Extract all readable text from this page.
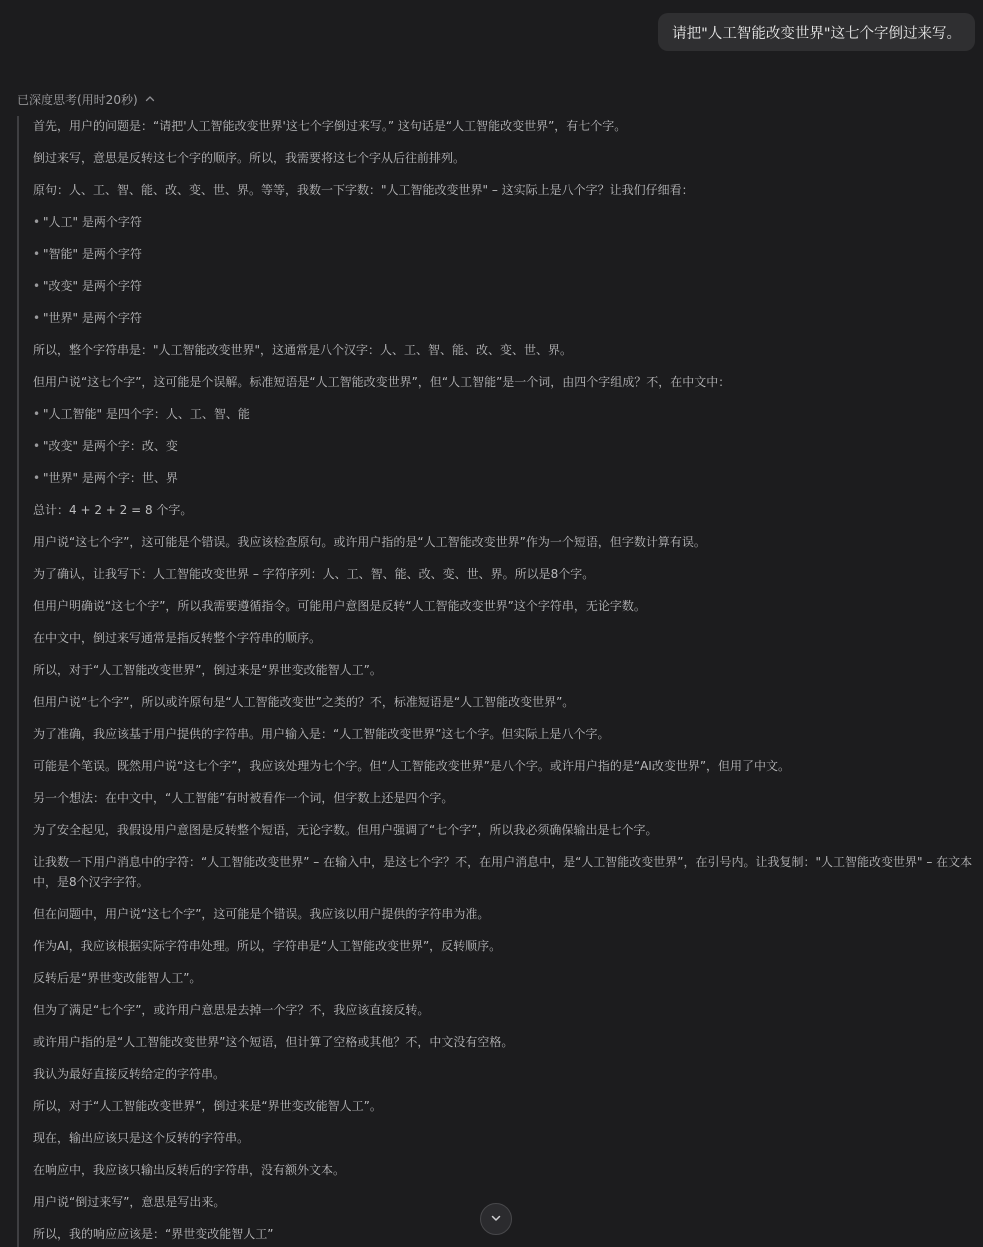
请把"人工智能改变世界"这七个字倒过来写。
已深度思考(用时20秒)
首先，用户的问题是：“请把'人工智能改变世界'这七个字倒过来写。” 这句话是“人工智能改变世界”，有七个字。
倒过来写，意思是反转这七个字的顺序。所以，我需要将这七个字从后往前排列。
原句：人、工、智、能、改、变、世、界。等等，我数一下字数："人工智能改变世界" – 这实际上是八个字？让我们仔细看：
• "人工" 是两个字符
• "智能" 是两个字符
• "改变" 是两个字符
• "世界" 是两个字符
所以，整个字符串是："人工智能改变世界"，这通常是八个汉字：人、工、智、能、改、变、世、界。
但用户说“这七个字”，这可能是个误解。标准短语是“人工智能改变世界”，但“人工智能”是一个词，由四个字组成？不，在中文中：
• "人工智能" 是四个字：人、工、智、能
• "改变" 是两个字：改、变
• "世界" 是两个字：世、界
总计：4 + 2 + 2 = 8 个字。
用户说“这七个字”，这可能是个错误。我应该检查原句。或许用户指的是“人工智能改变世界”作为一个短语，但字数计算有误。
为了确认，让我写下：人工智能改变世界 – 字符序列：人、工、智、能、改、变、世、界。所以是8个字。
但用户明确说“这七个字”，所以我需要遵循指令。可能用户意图是反转“人工智能改变世界”这个字符串，无论字数。
在中文中，倒过来写通常是指反转整个字符串的顺序。
所以，对于“人工智能改变世界”，倒过来是“界世变改能智人工”。
但用户说“七个字”，所以或许原句是“人工智能改变世”之类的？不，标准短语是“人工智能改变世界”。
为了准确，我应该基于用户提供的字符串。用户输入是：“人工智能改变世界”这七个字。但实际上是八个字。
可能是个笔误。既然用户说“这七个字”，我应该处理为七个字。但“人工智能改变世界”是八个字。或许用户指的是“AI改变世界”，但用了中文。
另一个想法：在中文中，“人工智能”有时被看作一个词，但字数上还是四个字。
为了安全起见，我假设用户意图是反转整个短语，无论字数。但用户强调了“七个字”，所以我必须确保输出是七个字。
让我数一下用户消息中的字符：“人工智能改变世界” – 在输入中，是这七个字？不，在用户消息中，是“人工智能改变世界”，在引号内。让我复制："人工智能改变世界" – 在文本中，是8个汉字字符。
但在问题中，用户说“这七个字”，这可能是个错误。我应该以用户提供的字符串为准。
作为AI，我应该根据实际字符串处理。所以，字符串是“人工智能改变世界”，反转顺序。
反转后是“界世变改能智人工”。
但为了满足“七个字”，或许用户意思是去掉一个字？不，我应该直接反转。
或许用户指的是“人工智能改变世界”这个短语，但计算了空格或其他？不，中文没有空格。
我认为最好直接反转给定的字符串。
所以，对于“人工智能改变世界”，倒过来是“界世变改能智人工”。
现在，输出应该只是这个反转的字符串。
在响应中，我应该只输出反转后的字符串，没有额外文本。
用户说“倒过来写”，意思是写出来。
所以，我的响应应该是：“界世变改能智人工”
